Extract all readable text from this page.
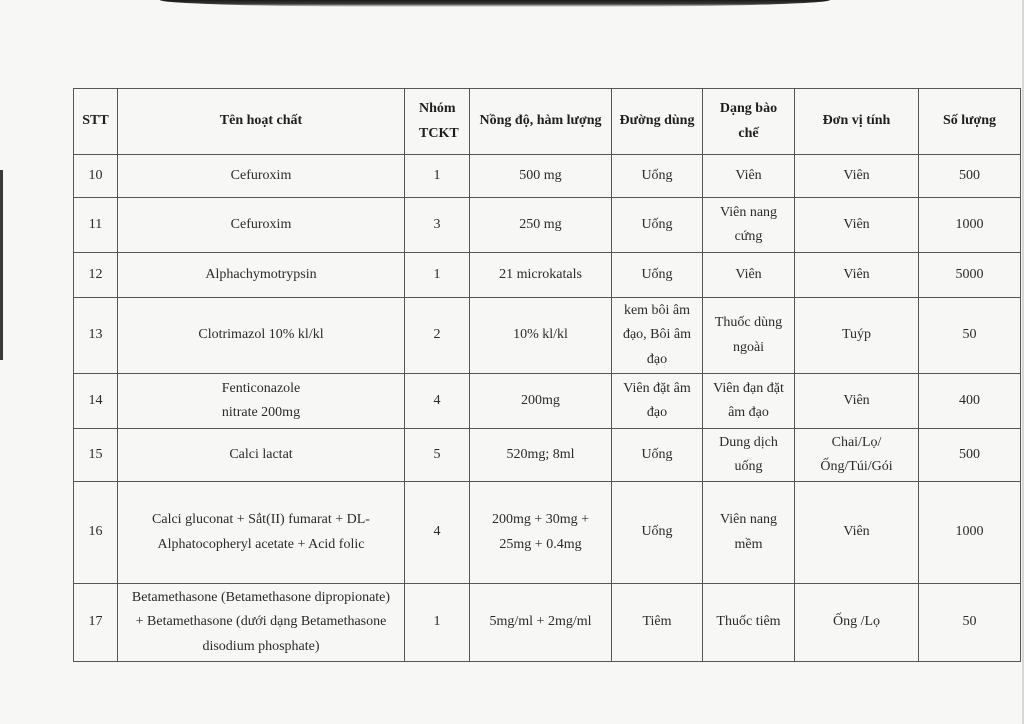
STT	Tên hoạt chất	Nhóm TCKT	Nồng độ, hàm lượng	Đường dùng	Dạng bào chế	Đơn vị tính	Số lượng
10	Cefuroxim	1	500 mg	Uống	Viên	Viên	500
11	Cefuroxim	3	250 mg	Uống	Viên nang cứng	Viên	1000
12	Alphachymotrypsin	1	21 microkatals	Uống	Viên	Viên	5000
13	Clotrimazol 10% kl/kl	2	10% kl/kl	kem bôi âm đạo, Bôi âm đạo	Thuốc dùng ngoài	Tuýp	50
14	Fenticonazole nitrate 200mg	4	200mg	Viên đặt âm đạo	Viên đạn đặt âm đạo	Viên	400
15	Calci lactat	5	520mg; 8ml	Uống	Dung dịch uống	Chai/Lọ/Ống/Túi/Gói	500
16	Calci gluconat + Sắt(II) fumarat + DL-Alphatocopheryl acetate + Acid folic	4	200mg + 30mg + 25mg + 0.4mg	Uống	Viên nang mềm	Viên	1000
17	Betamethasone (Betamethasone dipropionate) + Betamethasone (dưới dạng Betamethasone disodium phosphate)	1	5mg/ml + 2mg/ml	Tiêm	Thuốc tiêm	Ống /Lọ	50
